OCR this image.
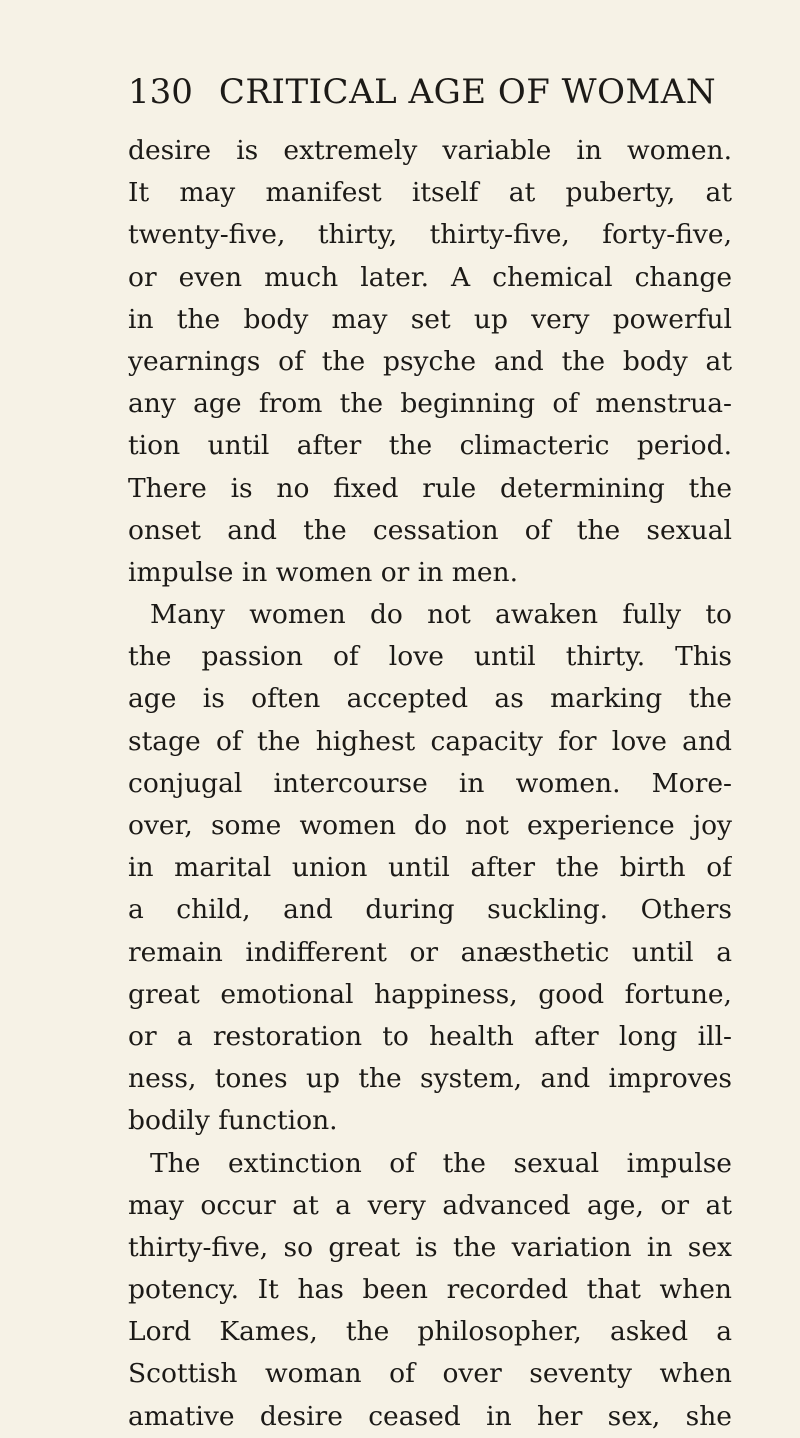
130 CRITICAL AGE OF WOMAN
desire is extremely variable in women.
It may manifest itself at puberty, at
twenty-five, thirty, thirty-five, forty-five,
or even much later. A chemical change
in the body may set up very powerful
yearnings of the psyche and the body at
any age from the beginning of menstrua-
tion until after the climacteric period.
There is no fixed rule determining the
onset and the cessation of the sexual
impulse in women or in men.
Many women do not awaken fully to
the passion of love until thirty. This
age is often accepted as marking the
stage of the highest capacity for love and
conjugal intercourse in women. More-
over, some women do not experience joy
in marital union until after the birth of
a child, and during suckling. Others
remain indifferent or anæsthetic until a
great emotional happiness, good fortune,
or a restoration to health after long ill-
ness, tones up the system, and improves
bodily function.
The extinction of the sexual impulse
may occur at a very advanced age, or at
thirty-five, so great is the variation in sex
potency. It has been recorded that when
Lord Kames, the philosopher, asked a
Scottish woman of over seventy when
amative desire ceased in her sex, she
